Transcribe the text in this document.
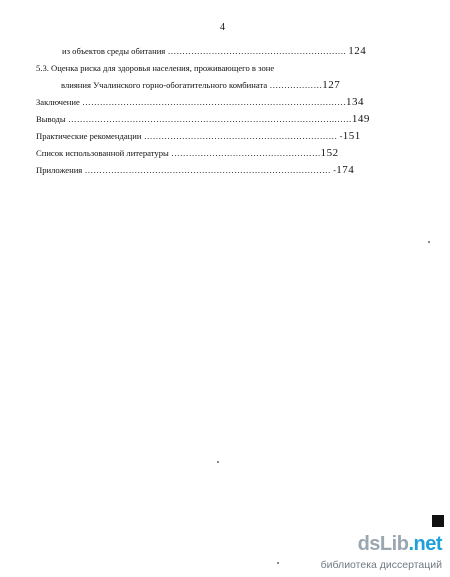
4
из объектов среды обитания ……………………………………………………. 124
5.3. Оценка риска для здоровья населения, проживающего в зоне
влияния Учалинского горно-обогатительного комбината ………………127
Заключение ………………………………………………………………………………134
Выводы ……………………………………………………………………………….……149
Практические рекомендации ………………………………………………………… -151
Список использованной литературы ……………………………………………152
Приложения ………………………………………………………………………… -174
dsLib.net
библиотека диссертаций
